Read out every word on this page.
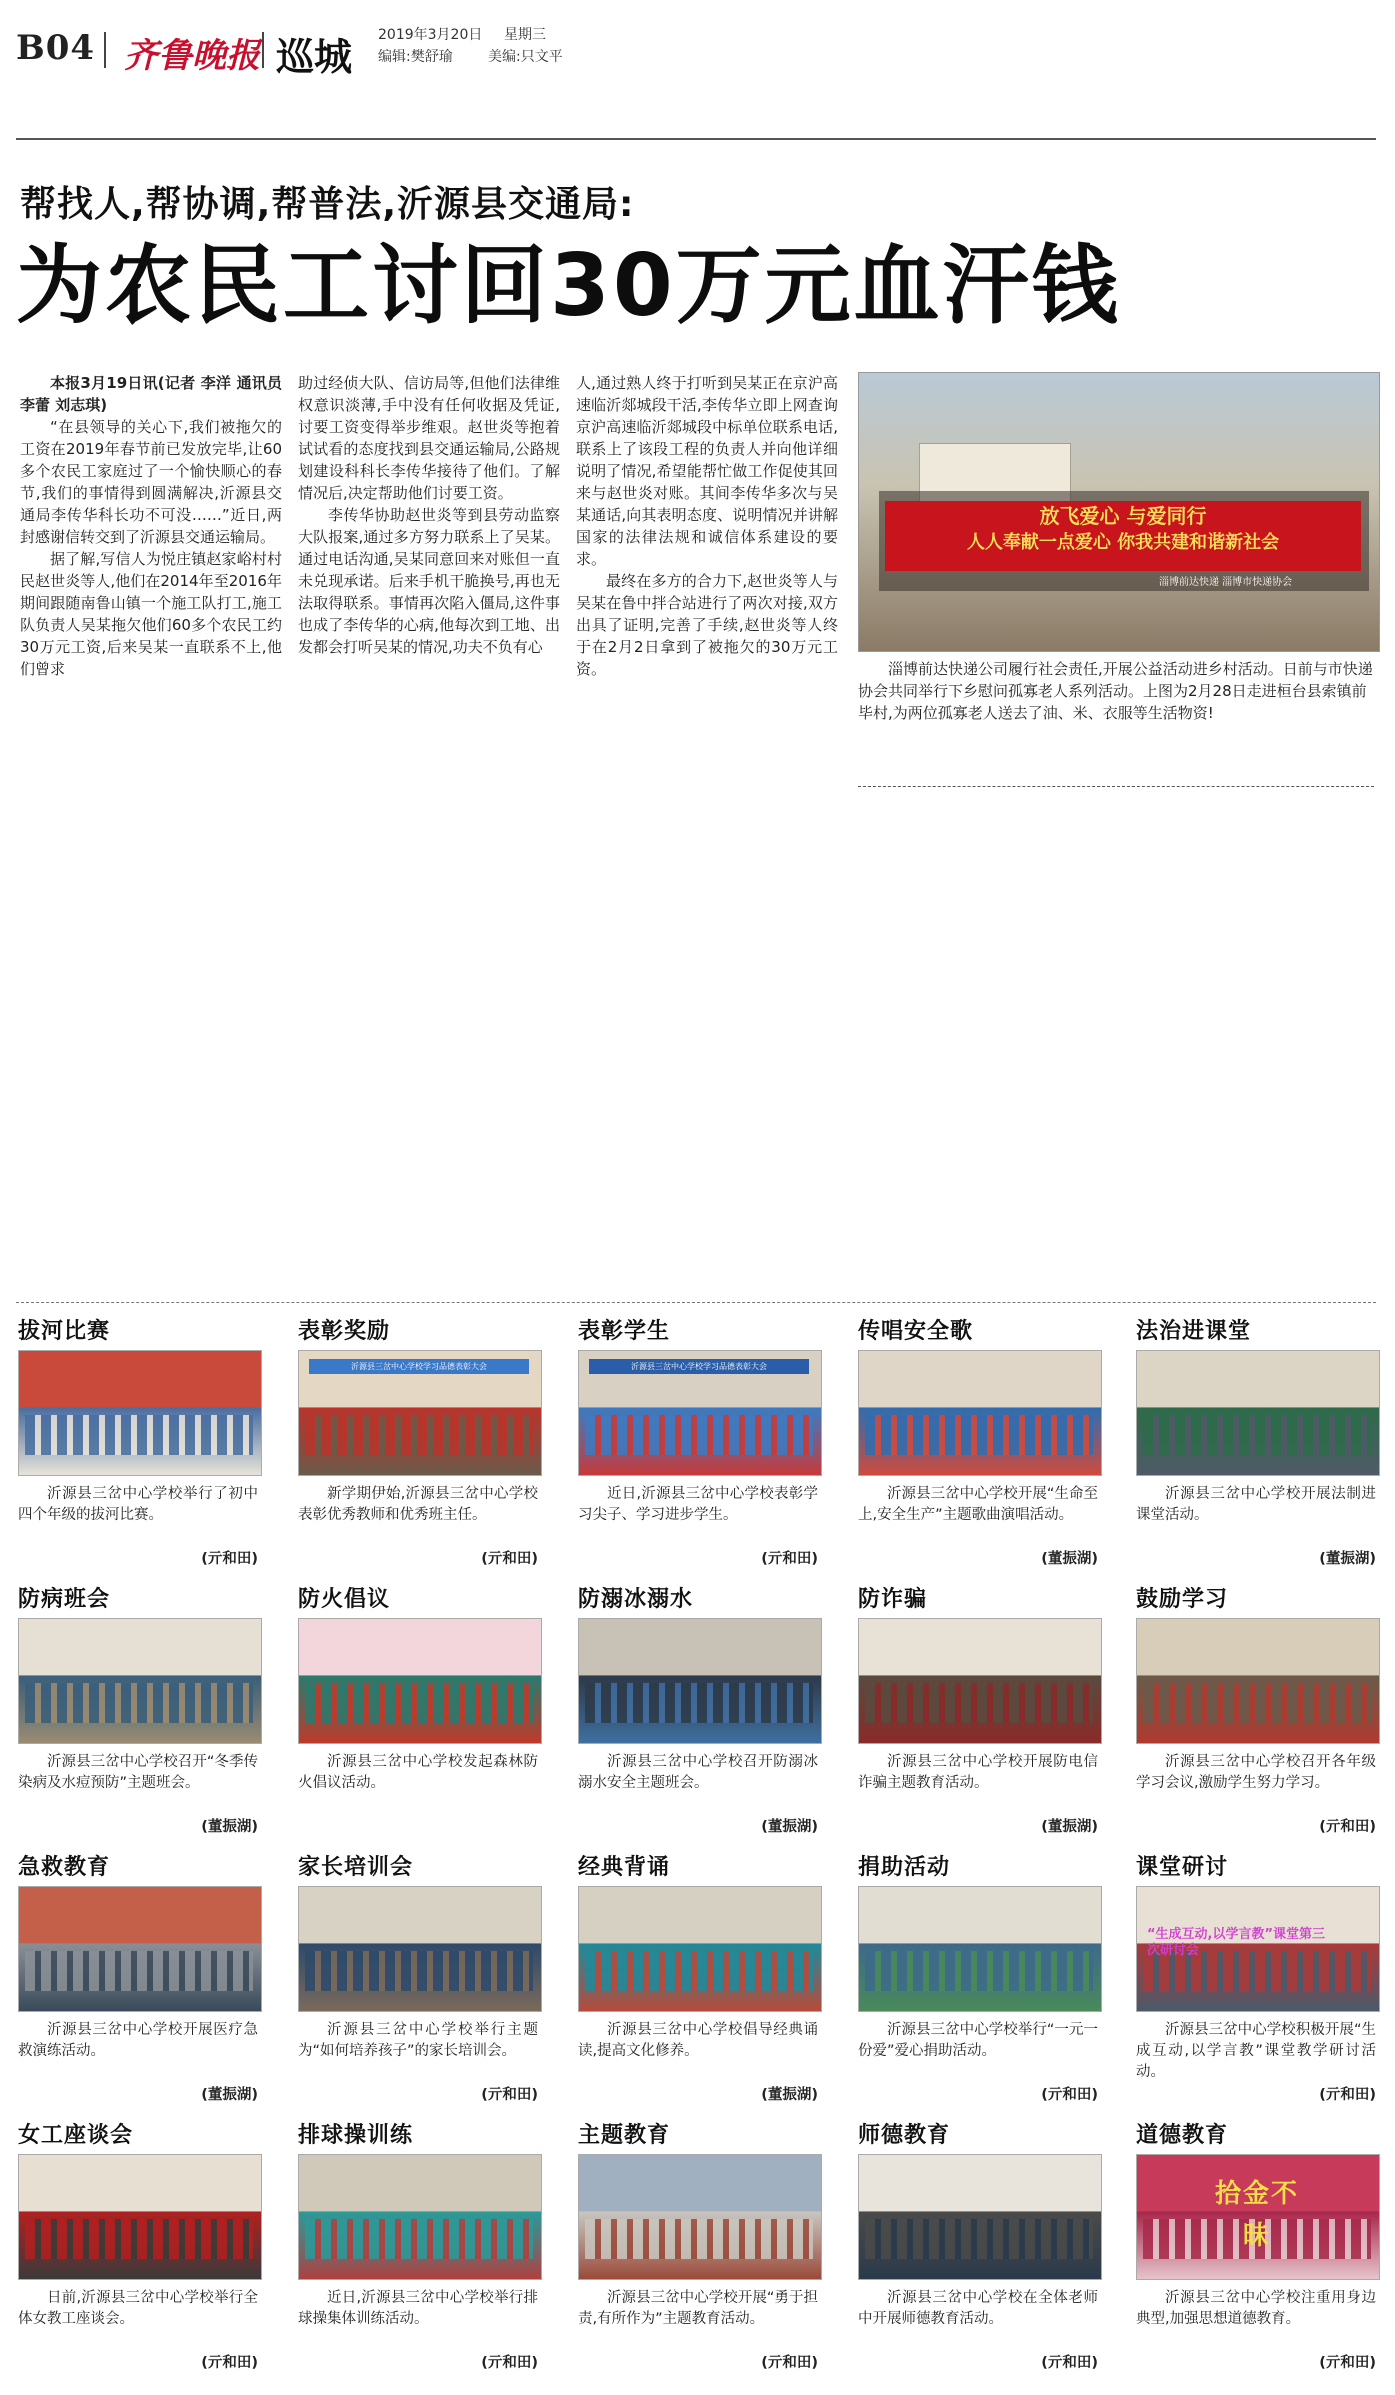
B04 齐鲁晚报 巡城 2019年3月20日 星期三
编辑:樊舒瑜	美编:只文平
帮找人,帮协调,帮普法,沂源县交通局:
为农民工讨回30万元血汗钱

本报3月19日讯(记者 李洋 通讯员 李蕾 刘志琪)

“在县领导的关心下,我们被拖欠的工资在2019年春节前已发放完毕,让60多个农民工家庭过了一个愉快顺心的春节,我们的事情得到圆满解决,沂源县交通局李传华科长功不可没……”近日,两封感谢信转交到了沂源县交通运输局。

据了解,写信人为悦庄镇赵家峪村村民赵世炎等人,他们在2014年至2016年期间跟随南鲁山镇一个施工队打工,施工队负责人吴某拖欠他们60多个农民工约30万元工资,后来吴某一直联系不上,他们曾求

助过经侦大队、信访局等,但他们法律维权意识淡薄,手中没有任何收据及凭证,讨要工资变得举步维艰。赵世炎等抱着试试看的态度找到县交通运输局,公路规划建设科科长李传华接待了他们。了解情况后,决定帮助他们讨要工资。

李传华协助赵世炎等到县劳动监察大队报案,通过多方努力联系上了吴某。通过电话沟通,吴某同意回来对账但一直未兑现承诺。后来手机干脆换号,再也无法取得联系。事情再次陷入僵局,这件事也成了李传华的心病,他每次到工地、出发都会打听吴某的情况,功夫不负有心

人,通过熟人终于打听到吴某正在京沪高速临沂郯城段干活,李传华立即上网查询京沪高速临沂郯城段中标单位联系电话,联系上了该段工程的负责人并向他详细说明了情况,希望能帮忙做工作促使其回来与赵世炎对账。其间李传华多次与吴某通话,向其表明态度、说明情况并讲解国家的法律法规和诚信体系建设的要求。

最终在多方的合力下,赵世炎等人与吴某在鲁中拌合站进行了两次对接,双方出具了证明,完善了手续,赵世炎等人终于在2月2日拿到了被拖欠的30万元工资。

放飞爱心 与爱同行
人人奉献一点爱心 你我共建和谐新社会
淄博前达快递 淄博市快递协会
淄博前达快递公司履行社会责任,开展公益活动进乡村活动。日前与市快递协会共同举行下乡慰问孤寡老人系列活动。上图为2月28日走进桓台县索镇前毕村,为两位孤寡老人送去了油、米、衣服等生活物资!
拔河比赛
沂源县三岔中心学校举行了初中四个年级的拔河比赛。
(亓和田)
表彰奖励
沂源县三岔中心学校学习品德表彰大会
新学期伊始,沂源县三岔中心学校表彰优秀教师和优秀班主任。
(亓和田)
表彰学生
沂源县三岔中心学校学习品德表彰大会
近日,沂源县三岔中心学校表彰学习尖子、学习进步学生。
(亓和田)
传唱安全歌
沂源县三岔中心学校开展“生命至上,安全生产”主题歌曲演唱活动。
(董振湖)
法治进课堂
沂源县三岔中心学校开展法制进课堂活动。
(董振湖)
防病班会
沂源县三岔中心学校召开“冬季传染病及水痘预防”主题班会。
(董振湖)
防火倡议
沂源县三岔中心学校发起森林防火倡议活动。
防溺冰溺水
沂源县三岔中心学校召开防溺冰溺水安全主题班会。
(董振湖)
防诈骗
沂源县三岔中心学校开展防电信诈骗主题教育活动。
(董振湖)
鼓励学习
沂源县三岔中心学校召开各年级学习会议,激励学生努力学习。
(亓和田)
急救教育
沂源县三岔中心学校开展医疗急救演练活动。
(董振湖)
家长培训会
沂源县三岔中心学校举行主题为“如何培养孩子”的家长培训会。
(亓和田)
经典背诵
沂源县三岔中心学校倡导经典诵读,提高文化修养。
(董振湖)
捐助活动
沂源县三岔中心学校举行“一元一份爱”爱心捐助活动。
(亓和田)
课堂研讨
“生成互动,以学言教”课堂第三次研讨会
沂源县三岔中心学校积极开展“生成互动,以学言教”课堂教学研讨活动。
(亓和田)
女工座谈会
日前,沂源县三岔中心学校举行全体女教工座谈会。
(亓和田)
排球操训练
近日,沂源县三岔中心学校举行排球操集体训练活动。
(亓和田)
主题教育
沂源县三岔中心学校开展“勇于担责,有所作为”主题教育活动。
(亓和田)
师德教育
沂源县三岔中心学校在全体老师中开展师德教育活动。
(亓和田)
道德教育
拾金不昧
沂源县三岔中心学校注重用身边典型,加强思想道德教育。
(亓和田)
